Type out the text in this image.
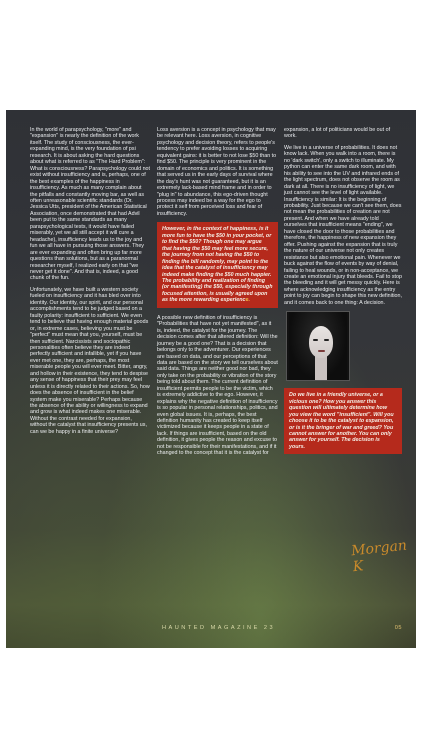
In the world of parapsychology, "more" and "expansion" is nearly the definition of the work itself. The study of consciousness, the ever-expanding mind, is the very foundation of psi research. It is about asking the hard questions about what is referred to as "The Hard Problem": What is consciousness? Parapsychology could not exist without insufficiency and is, perhaps, one of the best examples of the happiness in insufficiency. As much as many complain about the pitfalls and constantly moving bar, as well as often unreasonable scientific standards (Dr. Jessica Utts, president of the American Statistical Association, once demonstrated that had Advil been put to the same standards as many parapsychological tests, it would have failed miserably, yet we all still accept it will cure a headache), insufficiency leads us to the joy and fun we all have in pursuing those answers. They are ever expanding and often bring up far more questions than solutions, but as a paranormal researcher myself, I realized early on that "we never get it done". And that is, indeed, a good chunk of the fun.

Unfortunately, we have built a western society fueled on insufficiency and it has bled over into identity. Our identity, our spirit, and our personal accomplishments tend to be judged based on a faulty polarity: insufficient to sufficient. We even tend to believe that having enough material goods or, in extreme cases, believing you must be "perfect" must mean that you, yourself, must be then sufficient. Narcissists and sociopathic personalities often believe they are indeed perfectly sufficient and infallible, yet if you have ever met one, they are, perhaps, the most miserable people you will ever meet. Bitter, angry, and hollow in their existence, they tend to despise any sense of happiness that their prey may feel unless it is directly related to their actions. So, how does the absence of insufficient in the belief system make you miserable? Perhaps because the absence of the ability or willingness to expand and grow is what indeed makes one miserable. Without the contrast needed for expansion, without the catalyst that insufficiency presents us, can we be happy in a finite universe?

Loss aversion is a concept in psychology that may be relevant here. Loss aversion, in cognitive psychology and decision theory, refers to people's tendency to prefer avoiding losses to acquiring equivalent gains: it is better to not lose $50 than to find $50. The principle is very prominent in the domain of economics and politics. It is something that served us in the early days of survival where the day's hunt was not guaranteed, but it is an extremely lack-based mind frame and in order to "plug in" to abundance, this ego-driven thought process may indeed be a way for the ego to protect it self from perceived loss and fear of insufficiency.

However, in the context of happiness, is it more fun to have the $50 in your pocket, or to find the $50? Though one may argue that having the $50 may feel more secure, the journey from not having the $50 to finding the bill randomly, may point to the idea that the catalyst of insufficiency may indeed make finding the $50 much happier. The probability and realization of finding (or manifesting) the $50, especially through focused attention, is usually agreed upon as the more rewarding experience.

A possible new definition of insufficiency is "Probabilities that have not yet manifested", as it is, indeed, the catalyst for the journey. The decision comes after that altered definition: Will the journey be a good one? That is a decision that belongs only to the adventurer. Our experiences are based on data, and our perceptions of that data are based on the story we tell ourselves about said data. Things are neither good nor bad, they only take on the probability or vibration of the story being told about them. The current definition of insufficient permits people to be the victim, which is extremely addictive to the ego. However, it explains why the negative definition of insufficiency is so popular in personal relationships, politics, and even global issues. It is, perhaps, the best definition humanity has created to keep itself victimized because it keeps people in a state of lack. If things are insufficient, based on the old definition, it gives people the reason and excuse to not be responsible for their manifestations, and if it changed to the concept that it is the catalyst for

expansion, a lot of politicians would be out of work.

We live in a universe of probabilities. It does not know lack. When you walk into a room, there is no 'dark switch', only a switch to illuminate. My python can enter the same dark room, and with his ability to see into the UV and infrared ends of the light spectrum, does not observe the room as dark at all. There is no insufficiency of light, we just cannot see the level of light available. Insufficiency is similar: It is the beginning of probability. Just because we can't see them, does not mean the probabilities of creation are not present. And when we have already told ourselves that insufficient means "ending", we have closed the door to those probabilities and therefore, the happiness of new expansion they offer. Pushing against the expansion that is truly the nature of our universe not only creates resistance but also emotional pain. Whenever we buck against the flow of events by way of denial, failing to heal wounds, or in non-acceptance, we create an emotional injury that bleeds. Fail to stop the bleeding and it will get messy quickly. Here is where acknowledging insufficiency as the entry point to joy can begin to shape this new definition, and it comes back to one thing: A decision.

Do we live in a friendly universe, or a vicious one? How you answer this question will ultimately determine how you view the word "insufficient". Will you choose it to be the catalyst to expansion, or is it the bringer of war and greed? You cannot answer for another. You can only answer for yourself. The decision is yours.
Morgan K
HAUNTED MAGAZINE 23	05
